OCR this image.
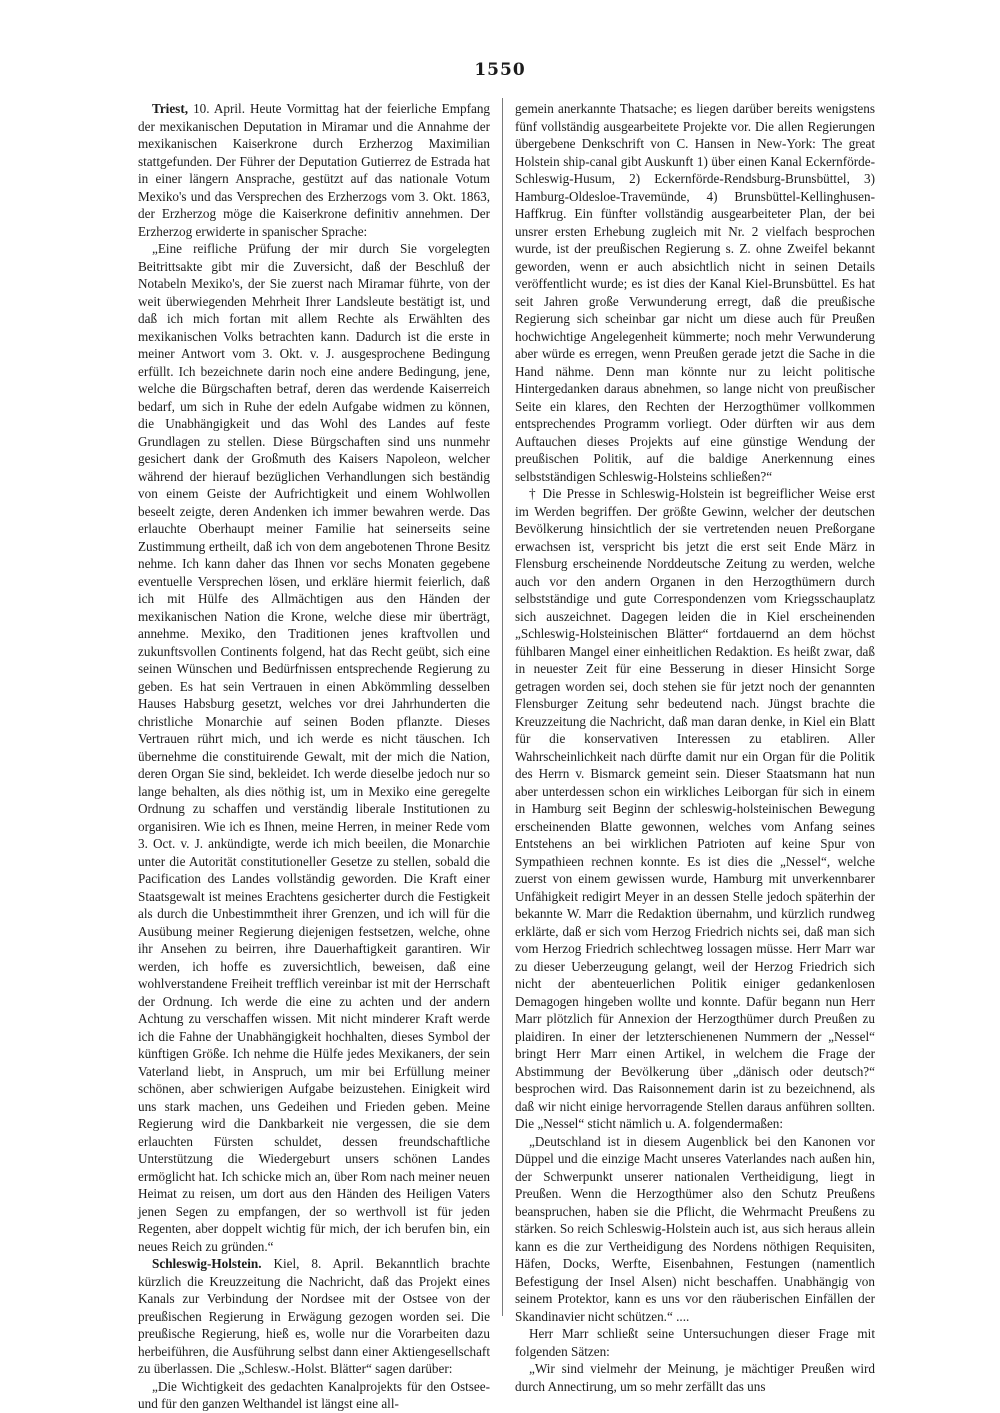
1550

Triest, 10. April. Heute Vormittag hat der feierliche Empfang der mexikanischen Deputation in Miramar und die Annahme der mexikanischen Kaiserkrone durch Erzherzog Maximilian stattgefunden. Der Führer der Deputation Gutierrez de Estrada hat in einer längern Ansprache, gestützt auf das nationale Votum Mexiko's und das Versprechen des Erzherzogs vom 3. Okt. 1863, der Erzherzog möge die Kaiserkrone definitiv annehmen. Der Erzherzog erwiderte in spanischer Sprache:

„Eine reifliche Prüfung der mir durch Sie vorgelegten Beitrittsakte gibt mir die Zuversicht, daß der Beschluß der Notabeln Mexiko's, der Sie zuerst nach Miramar führte, von der weit überwiegenden Mehrheit Ihrer Landsleute bestätigt ist, und daß ich mich fortan mit allem Rechte als Erwählten des mexikanischen Volks betrachten kann. Dadurch ist die erste in meiner Antwort vom 3. Okt. v. J. ausgesprochene Bedingung erfüllt. Ich bezeichnete darin noch eine andere Bedingung, jene, welche die Bürgschaften betraf, deren das werdende Kaiserreich bedarf, um sich in Ruhe der edeln Aufgabe widmen zu können, die Unabhängigkeit und das Wohl des Landes auf feste Grundlagen zu stellen. Diese Bürgschaften sind uns nunmehr gesichert dank der Großmuth des Kaisers Napoleon, welcher während der hierauf bezüglichen Verhandlungen sich beständig von einem Geiste der Aufrichtigkeit und einem Wohlwollen beseelt zeigte, deren Andenken ich immer bewahren werde. Das erlauchte Oberhaupt meiner Familie hat seinerseits seine Zustimmung ertheilt, daß ich von dem angebotenen Throne Besitz nehme. Ich kann daher das Ihnen vor sechs Monaten gegebene eventuelle Versprechen lösen, und erkläre hiermit feierlich, daß ich mit Hülfe des Allmächtigen aus den Händen der mexikanischen Nation die Krone, welche diese mir überträgt, annehme. Mexiko, den Traditionen jenes kraftvollen und zukunftsvollen Continents folgend, hat das Recht geübt, sich eine seinen Wünschen und Bedürfnissen entsprechende Regierung zu geben. Es hat sein Vertrauen in einen Abkömmling desselben Hauses Habsburg gesetzt, welches vor drei Jahrhunderten die christliche Monarchie auf seinen Boden pflanzte. Dieses Vertrauen rührt mich, und ich werde es nicht täuschen. Ich übernehme die constituirende Gewalt, mit der mich die Nation, deren Organ Sie sind, bekleidet. Ich werde dieselbe jedoch nur so lange behalten, als dies nöthig ist, um in Mexiko eine geregelte Ordnung zu schaffen und verständig liberale Institutionen zu organisiren. Wie ich es Ihnen, meine Herren, in meiner Rede vom 3. Oct. v. J. ankündigte, werde ich mich beeilen, die Monarchie unter die Autorität constitutioneller Gesetze zu stellen, sobald die Pacification des Landes vollständig geworden. Die Kraft einer Staatsgewalt ist meines Erachtens gesicherter durch die Festigkeit als durch die Unbestimmtheit ihrer Grenzen, und ich will für die Ausübung meiner Regierung diejenigen festsetzen, welche, ohne ihr Ansehen zu beirren, ihre Dauerhaftigkeit garantiren. Wir werden, ich hoffe es zuversichtlich, beweisen, daß eine wohlverstandene Freiheit trefflich vereinbar ist mit der Herrschaft der Ordnung. Ich werde die eine zu achten und der andern Achtung zu verschaffen wissen. Mit nicht minderer Kraft werde ich die Fahne der Unabhängigkeit hochhalten, dieses Symbol der künftigen Größe. Ich nehme die Hülfe jedes Mexikaners, der sein Vaterland liebt, in Anspruch, um mir bei Erfüllung meiner schönen, aber schwierigen Aufgabe beizustehen. Einigkeit wird uns stark machen, uns Gedeihen und Frieden geben. Meine Regierung wird die Dankbarkeit nie vergessen, die sie dem erlauchten Fürsten schuldet, dessen freundschaftliche Unterstützung die Wiedergeburt unsers schönen Landes ermöglicht hat. Ich schicke mich an, über Rom nach meiner neuen Heimat zu reisen, um dort aus den Händen des Heiligen Vaters jenen Segen zu empfangen, der so werthvoll ist für jeden Regenten, aber doppelt wichtig für mich, der ich berufen bin, ein neues Reich zu gründen.“

Schleswig-Holstein. Kiel, 8. April. Bekanntlich brachte kürzlich die Kreuzzeitung die Nachricht, daß das Projekt eines Kanals zur Verbindung der Nordsee mit der Ostsee von der preußischen Regierung in Erwägung gezogen worden sei. Die preußische Regierung, hieß es, wolle nur die Vorarbeiten dazu herbeiführen, die Ausführung selbst dann einer Aktiengesellschaft zu überlassen. Die „Schlesw.-Holst. Blätter“ sagen darüber:

„Die Wichtigkeit des gedachten Kanalprojekts für den Ostsee- und für den ganzen Welthandel ist längst eine all-

gemein anerkannte Thatsache; es liegen darüber bereits wenigstens fünf vollständig ausgearbeitete Projekte vor. Die allen Regierungen übergebene Denkschrift von C. Hansen in New-York: The great Holstein ship-canal gibt Auskunft 1) über einen Kanal Eckernförde-Schleswig-Husum, 2) Eckernförde-Rendsburg-Brunsbüttel, 3) Hamburg-Oldesloe-Travemünde, 4) Brunsbüttel-Kellinghusen-Haffkrug. Ein fünfter vollständig ausgearbeiteter Plan, der bei unsrer ersten Erhebung zugleich mit Nr. 2 vielfach besprochen wurde, ist der preußischen Regierung s. Z. ohne Zweifel bekannt geworden, wenn er auch absichtlich nicht in seinen Details veröffentlicht wurde; es ist dies der Kanal Kiel-Brunsbüttel. Es hat seit Jahren große Verwunderung erregt, daß die preußische Regierung sich scheinbar gar nicht um diese auch für Preußen hochwichtige Angelegenheit kümmerte; noch mehr Verwunderung aber würde es erregen, wenn Preußen gerade jetzt die Sache in die Hand nähme. Denn man könnte nur zu leicht politische Hintergedanken daraus abnehmen, so lange nicht von preußischer Seite ein klares, den Rechten der Herzogthümer vollkommen entsprechendes Programm vorliegt. Oder dürften wir aus dem Auftauchen dieses Projekts auf eine günstige Wendung der preußischen Politik, auf die baldige Anerkennung eines selbstständigen Schleswig-Holsteins schließen?“

† Die Presse in Schleswig-Holstein ist begreiflicher Weise erst im Werden begriffen. Der größte Gewinn, welcher der deutschen Bevölkerung hinsichtlich der sie vertretenden neuen Preßorgane erwachsen ist, verspricht bis jetzt die erst seit Ende März in Flensburg erscheinende Norddeutsche Zeitung zu werden, welche auch vor den andern Organen in den Herzogthümern durch selbstständige und gute Correspondenzen vom Kriegsschauplatz sich auszeichnet. Dagegen leiden die in Kiel erscheinenden „Schleswig-Holsteinischen Blätter“ fortdauernd an dem höchst fühlbaren Mangel einer einheitlichen Redaktion. Es heißt zwar, daß in neuester Zeit für eine Besserung in dieser Hinsicht Sorge getragen worden sei, doch stehen sie für jetzt noch der genannten Flensburger Zeitung sehr bedeutend nach. Jüngst brachte die Kreuzzeitung die Nachricht, daß man daran denke, in Kiel ein Blatt für die konservativen Interessen zu etabliren. Aller Wahrscheinlichkeit nach dürfte damit nur ein Organ für die Politik des Herrn v. Bismarck gemeint sein. Dieser Staatsmann hat nun aber unterdessen schon ein wirkliches Leiborgan für sich in einem in Hamburg seit Beginn der schleswig-holsteinischen Bewegung erscheinenden Blatte gewonnen, welches vom Anfang seines Entstehens an bei wirklichen Patrioten auf keine Spur von Sympathieen rechnen konnte. Es ist dies die „Nessel“, welche zuerst von einem gewissen wurde, Hamburg mit unverkennbarer Unfähigkeit redigirt Meyer in an dessen Stelle jedoch späterhin der bekannte W. Marr die Redaktion übernahm, und kürzlich rundweg erklärte, daß er sich vom Herzog Friedrich nichts sei, daß man sich vom Herzog Friedrich schlechtweg lossagen müsse. Herr Marr war zu dieser Ueberzeugung gelangt, weil der Herzog Friedrich sich nicht der abenteuerlichen Politik einiger gedankenlosen Demagogen hingeben wollte und konnte. Dafür begann nun Herr Marr plötzlich für Annexion der Herzogthümer durch Preußen zu plaidiren. In einer der letzterschienenen Nummern der „Nessel“ bringt Herr Marr einen Artikel, in welchem die Frage der Abstimmung der Bevölkerung über „dänisch oder deutsch?“ besprochen wird. Das Raisonnement darin ist zu bezeichnend, als daß wir nicht einige hervorragende Stellen daraus anführen sollten. Die „Nessel“ sticht nämlich u. A. folgendermaßen:

„Deutschland ist in diesem Augenblick bei den Kanonen vor Düppel und die einzige Macht unseres Vaterlandes nach außen hin, der Schwerpunkt unserer nationalen Vertheidigung, liegt in Preußen. Wenn die Herzogthümer also den Schutz Preußens beanspruchen, haben sie die Pflicht, die Wehrmacht Preußens zu stärken. So reich Schleswig-Holstein auch ist, aus sich heraus allein kann es die zur Vertheidigung des Nordens nöthigen Requisiten, Häfen, Docks, Werfte, Eisenbahnen, Festungen (namentlich Befestigung der Insel Alsen) nicht beschaffen. Unabhängig von seinem Protektor, kann es uns vor den räuberischen Einfällen der Skandinavier nicht schützen.“ ....

Herr Marr schließt seine Untersuchungen dieser Frage mit folgenden Sätzen:

„Wir sind vielmehr der Meinung, je mächtiger Preußen wird durch Annectirung, um so mehr zerfällt das uns
